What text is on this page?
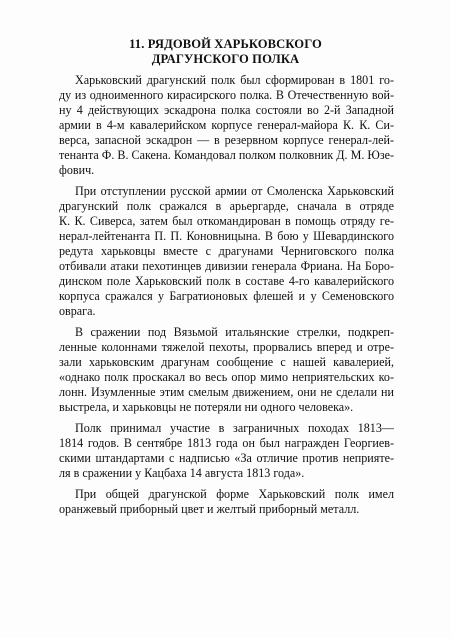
11. РЯДОВОЙ ХАРЬКОВСКОГО
ДРАГУНСКОГО ПОЛКА
Харьковский драгунский полк был сформирован в 1801 го-
ду из одноименного кирасирского полка. В Отечественную вой-
ну 4 действующих эскадрона полка состояли во 2-й Западной
армии в 4-м кавалерийском корпусе генерал-майора К. К. Си-
верса, запасной эскадрон — в резервном корпусе генерал-лей-
тенанта Ф. В. Сакена. Командовал полком полковник Д. М. Юзе-
фович.
При отступлении русской армии от Смоленска Харьковский
драгунский полк сражался в арьергарде, сначала в отряде
К. К. Сиверса, затем был откомандирован в помощь отряду ге-
нерал-лейтенанта П. П. Коновницына. В бою у Шевардинского
редута харьковцы вместе с драгунами Черниговского полка
отбивали атаки пехотинцев дивизии генерала Фриана. На Боро-
динском поле Харьковский полк в составе 4-го кавалерийского
корпуса сражался у Багратионовых флешей и у Семеновского
оврага.
В сражении под Вязьмой итальянские стрелки, подкреп-
ленные колоннами тяжелой пехоты, прорвались вперед и отре-
зали харьковским драгунам сообщение с нашей кавалерией,
«однако полк проскакал во весь опор мимо неприятельских ко-
лонн. Изумленные этим смелым движением, они не сделали ни
выстрела, и харьковцы не потеряли ни одного человека».
Полк принимал участие в заграничных походах 1813—
1814 годов. В сентябре 1813 года он был награжден Георгиев-
скими штандартами с надписью «За отличие против неприяте-
ля в сражении у Кацбаха 14 августа 1813 года».
При общей драгунской форме Харьковский полк имел
оранжевый приборный цвет и желтый приборный металл.
